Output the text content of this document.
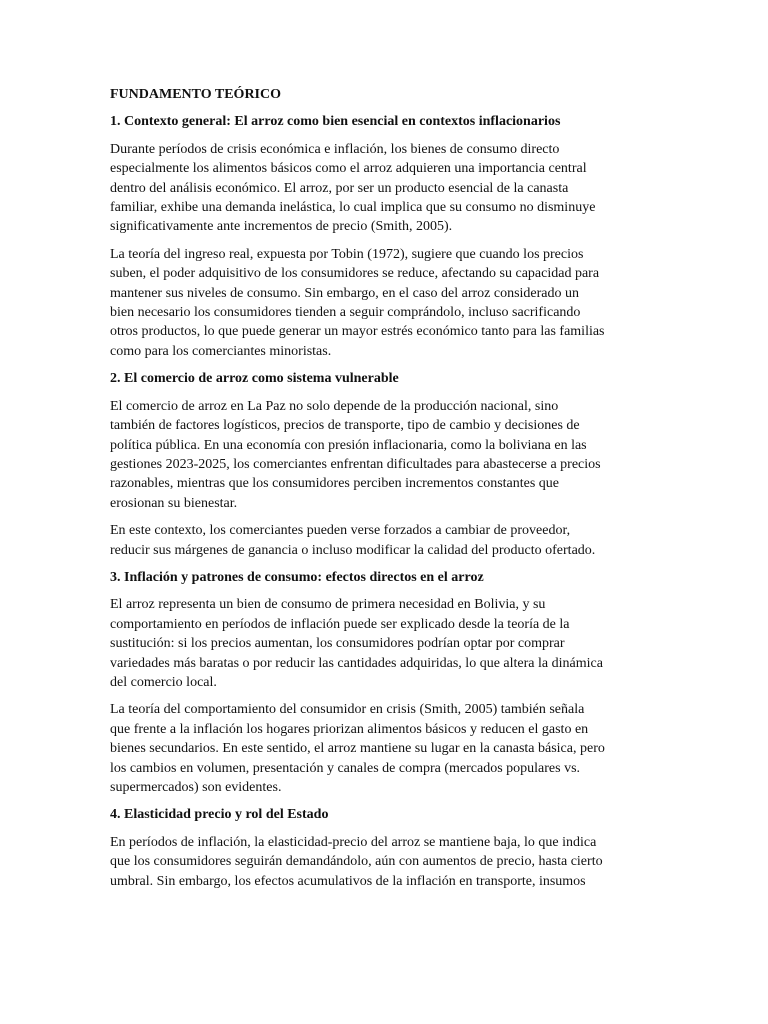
FUNDAMENTO TEÓRICO
1. Contexto general: El arroz como bien esencial en contextos inflacionarios

Durante períodos de crisis económica e inflación, los bienes de consumo directo
especialmente los alimentos básicos como el arroz adquieren una importancia central
dentro del análisis económico. El arroz, por ser un producto esencial de la canasta
familiar, exhibe una demanda inelástica, lo cual implica que su consumo no disminuye
significativamente ante incrementos de precio (Smith, 2005).

La teoría del ingreso real, expuesta por Tobin (1972), sugiere que cuando los precios
suben, el poder adquisitivo de los consumidores se reduce, afectando su capacidad para
mantener sus niveles de consumo. Sin embargo, en el caso del arroz considerado un
bien necesario los consumidores tienden a seguir comprándolo, incluso sacrificando
otros productos, lo que puede generar un mayor estrés económico tanto para las familias
como para los comerciantes minoristas.

2. El comercio de arroz como sistema vulnerable

El comercio de arroz en La Paz no solo depende de la producción nacional, sino
también de factores logísticos, precios de transporte, tipo de cambio y decisiones de
política pública. En una economía con presión inflacionaria, como la boliviana en las
gestiones 2023-2025, los comerciantes enfrentan dificultades para abastecerse a precios
razonables, mientras que los consumidores perciben incrementos constantes que
erosionan su bienestar.

En este contexto, los comerciantes pueden verse forzados a cambiar de proveedor,
reducir sus márgenes de ganancia o incluso modificar la calidad del producto ofertado.

3. Inflación y patrones de consumo: efectos directos en el arroz

El arroz representa un bien de consumo de primera necesidad en Bolivia, y su
comportamiento en períodos de inflación puede ser explicado desde la teoría de la
sustitución: si los precios aumentan, los consumidores podrían optar por comprar
variedades más baratas o por reducir las cantidades adquiridas, lo que altera la dinámica
del comercio local.

La teoría del comportamiento del consumidor en crisis (Smith, 2005) también señala
que frente a la inflación los hogares priorizan alimentos básicos y reducen el gasto en
bienes secundarios. En este sentido, el arroz mantiene su lugar en la canasta básica, pero
los cambios en volumen, presentación y canales de compra (mercados populares vs.
supermercados) son evidentes.

4. Elasticidad precio y rol del Estado

En períodos de inflación, la elasticidad-precio del arroz se mantiene baja, lo que indica
que los consumidores seguirán demandándolo, aún con aumentos de precio, hasta cierto
umbral. Sin embargo, los efectos acumulativos de la inflación en transporte, insumos
